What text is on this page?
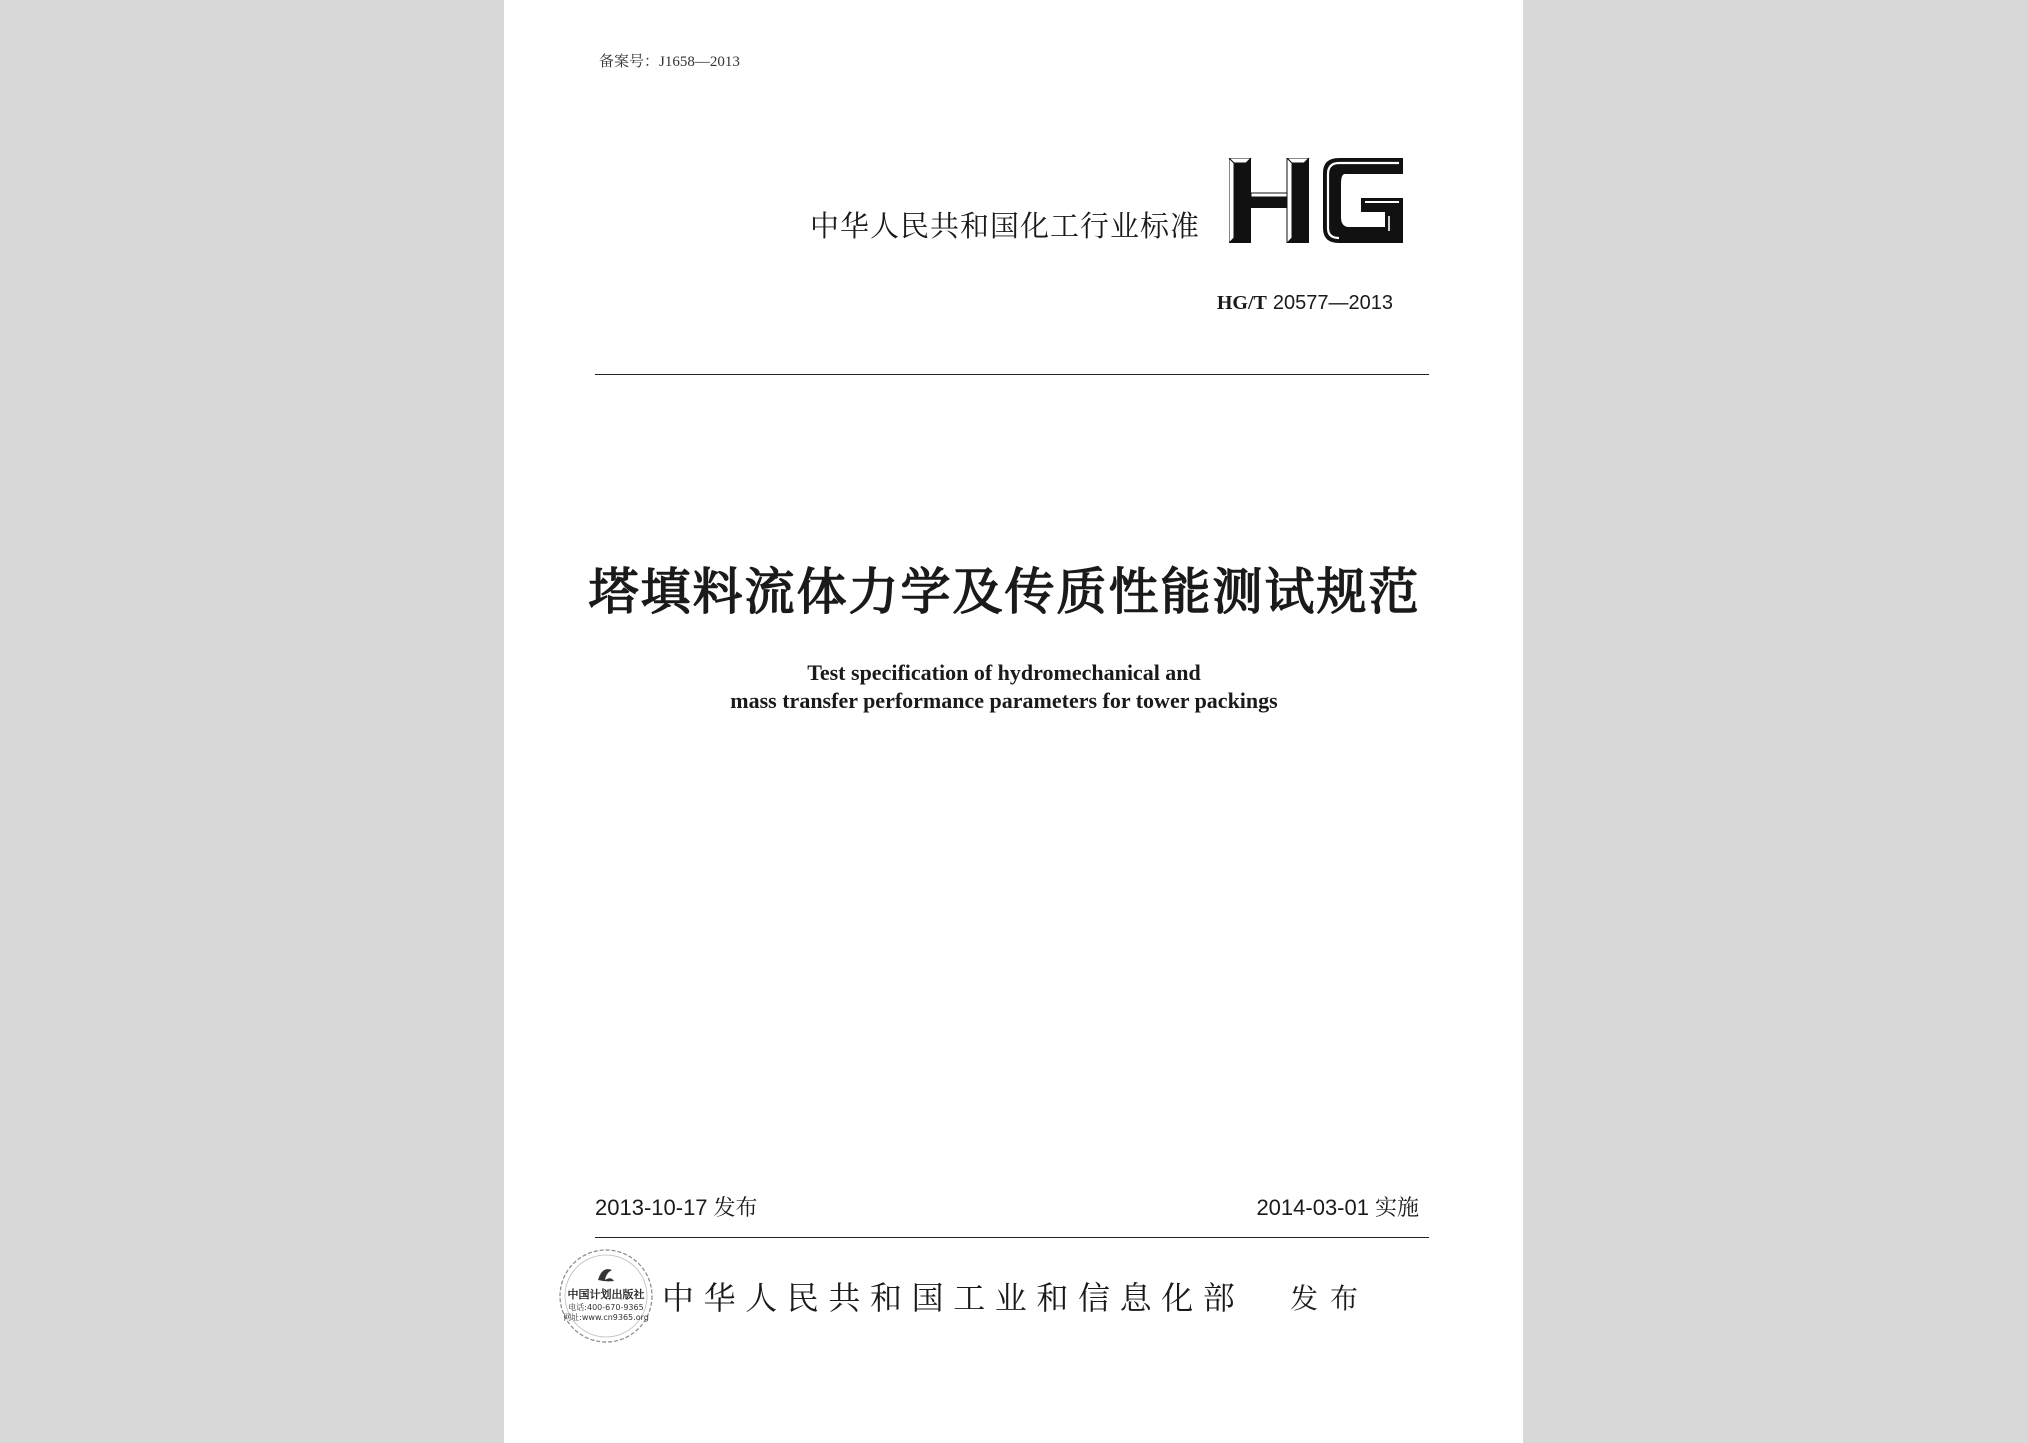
备案号：J1658—2013
中华人民共和国化工行业标准
HG/T 20577—2013
塔填料流体力学及传质性能测试规范
Test specification of hydromechanical and
mass transfer performance parameters for tower packings
2013-10-17 发布	2014-03-01 实施
中国计划出版社
电话:400-670-9365
网址:www.cn9365.org
中华人民共和国工业和信息化部 发布
